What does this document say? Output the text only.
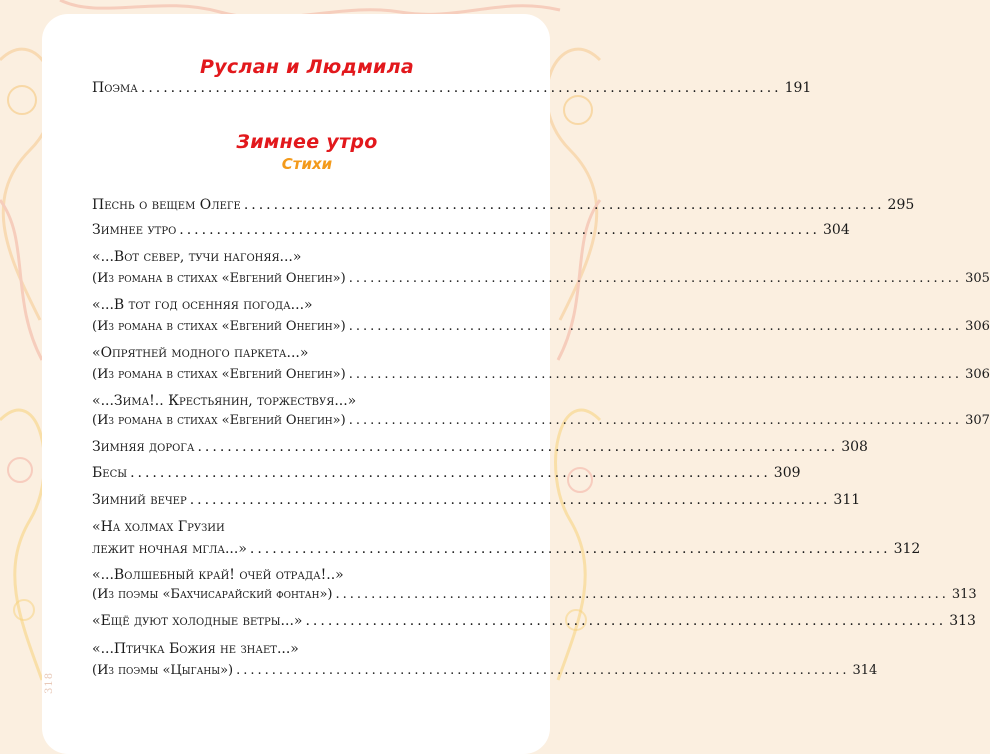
318
Руслан и Людмила
Поэма ...................................................................................... 191
Зимнее утро
Стихи
Песнь о вещем Олеге ...................................................................................... 295
Зимнее утро ...................................................................................... 304
«...Вот север, тучи нагоняя...»
(Из романа в стихах «Евгений Онегин») ...................................................................................... 305
«...В тот год осенняя погода...»
(Из романа в стихах «Евгений Онегин») ...................................................................................... 306
«Опрятней модного паркета...»
(Из романа в стихах «Евгений Онегин») ...................................................................................... 306
«...Зима!.. Крестьянин, торжествуя...»
(Из романа в стихах «Евгений Онегин») ...................................................................................... 307
Зимняя дорога ...................................................................................... 308
Бесы ...................................................................................... 309
Зимний вечер ...................................................................................... 311
«На холмах Грузии
лежит ночная мгла...» ...................................................................................... 312
«...Волшебный край! очей отрада!..»
(Из поэмы «Бахчисарайский фонтан») ...................................................................................... 313
«Ещё дуют холодные ветры...» ...................................................................................... 313
«...Птичка Божия не знает...»
(Из поэмы «Цыганы») ...................................................................................... 314
